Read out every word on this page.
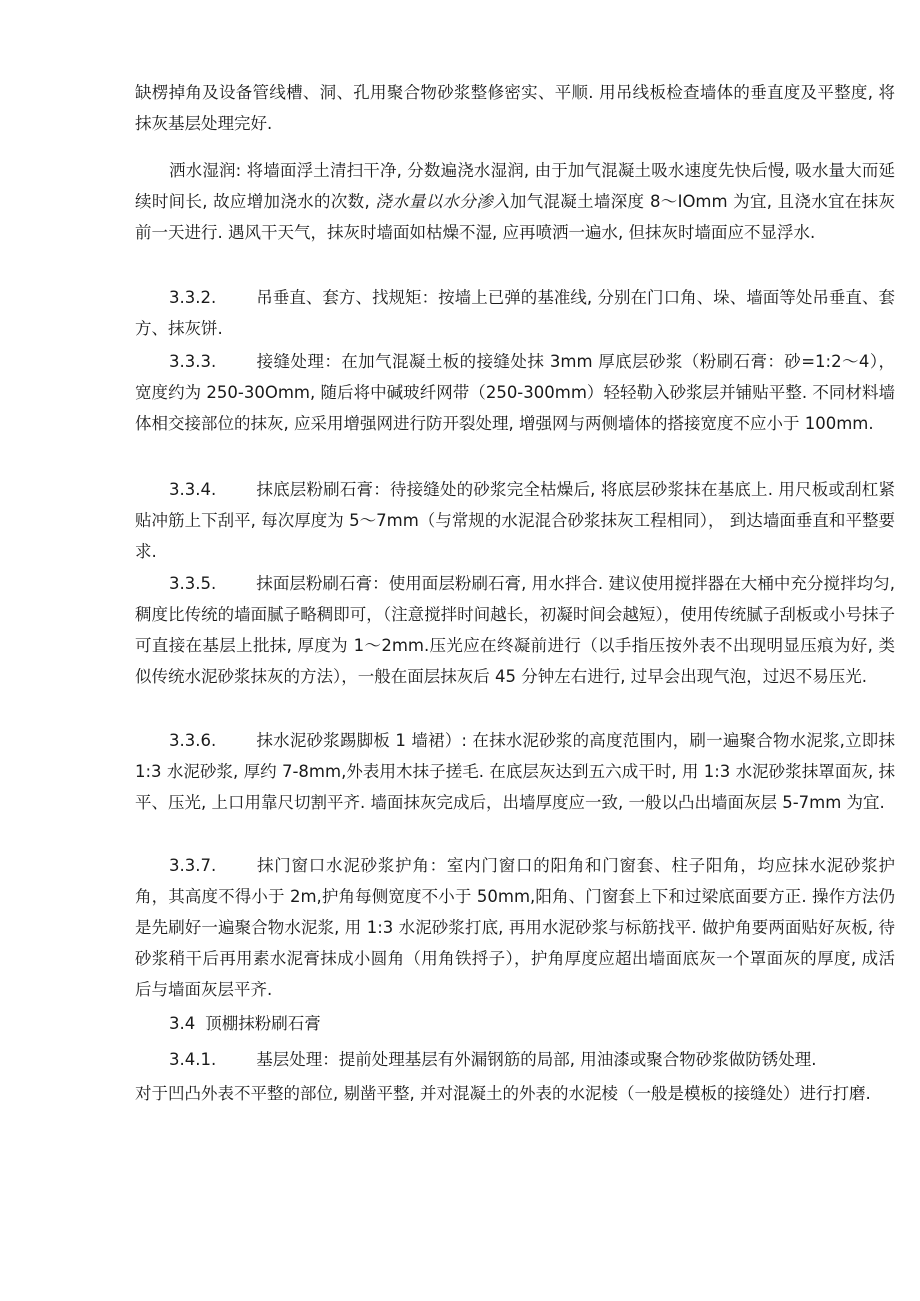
缺楞掉角及设备管线槽、洞、孔用聚合物砂浆整修密实、平顺. 用吊线板检查墙体的垂直度及平整度, 将抹灰基层处理完好.

洒水湿润: 将墙面浮土清扫干净, 分数遍浇水湿润, 由于加气混凝土吸水速度先快后慢, 吸水量大而延续时间长, 故应增加浇水的次数, 浇水量以水分渗入加气混凝土墙深度 8～IOmm 为宜, 且浇水宜在抹灰前一天进行. 遇风干天气，抹灰时墙面如枯燥不湿, 应再喷洒一遍水, 但抹灰时墙面应不显浮水.

3.3.2. 吊垂直、套方、找规矩：按墙上已弹的基准线, 分别在门口角、垛、墙面等处吊垂直、套方、抹灰饼.

3.3.3. 接缝处理：在加气混凝土板的接缝处抹 3mm 厚底层砂浆（粉刷石膏：砂=1:2～4），宽度约为 250-30Omm, 随后将中碱玻纤网带（250-300mm）轻轻勒入砂浆层并铺贴平整. 不同材料墙体相交接部位的抹灰, 应采用增强网进行防开裂处理, 增强网与两侧墙体的搭接宽度不应小于 100mm.

3.3.4. 抹底层粉刷石膏：待接缝处的砂浆完全枯燥后, 将底层砂浆抹在基底上. 用尺板或刮杠紧贴冲筋上下刮平, 每次厚度为 5～7mm（与常规的水泥混合砂浆抹灰工程相同）， 到达墙面垂直和平整要求.

3.3.5. 抹面层粉刷石膏：使用面层粉刷石膏, 用水拌合. 建议使用搅拌器在大桶中充分搅拌均匀, 稠度比传统的墙面腻子略稠即可，（注意搅拌时间越长，初凝时间会越短），使用传统腻子刮板或小号抹子可直接在基层上批抹, 厚度为 1～2mm.压光应在终凝前进行（以手指压按外表不出现明显压痕为好, 类似传统水泥砂浆抹灰的方法），一般在面层抹灰后 45 分钟左右进行, 过早会出现气泡，过迟不易压光.

3.3.6. 抹水泥砂浆踢脚板 1 墙裙）: 在抹水泥砂浆的高度范围内，刷一遍聚合物水泥浆,立即抹 1:3 水泥砂浆, 厚约 7-8mm,外表用木抹子搓毛. 在底层灰达到五六成干时, 用 1:3 水泥砂浆抹罩面灰, 抹平、压光, 上口用靠尺切割平齐. 墙面抹灰完成后，出墙厚度应一致, 一般以凸出墙面灰层 5-7mm 为宜.

3.3.7. 抹门窗口水泥砂浆护角：室内门窗口的阳角和门窗套、柱子阳角，均应抹水泥砂浆护角，其高度不得小于 2m,护角每侧宽度不小于 50mm,阳角、门窗套上下和过梁底面要方正. 操作方法仍是先刷好一遍聚合物水泥浆, 用 1:3 水泥砂浆打底, 再用水泥砂浆与标筋找平. 做护角要两面贴好灰板, 待砂浆稍干后再用素水泥膏抹成小圆角（用角铁捋子），护角厚度应超出墙面底灰一个罩面灰的厚度, 成活后与墙面灰层平齐.

3.4 顶棚抹粉刷石膏

3.4.1. 基层处理：提前处理基层有外漏钢筋的局部, 用油漆或聚合物砂浆做防锈处理.

对于凹凸外表不平整的部位, 剔凿平整, 并对混凝土的外表的水泥棱（一般是模板的接缝处）进行打磨.
